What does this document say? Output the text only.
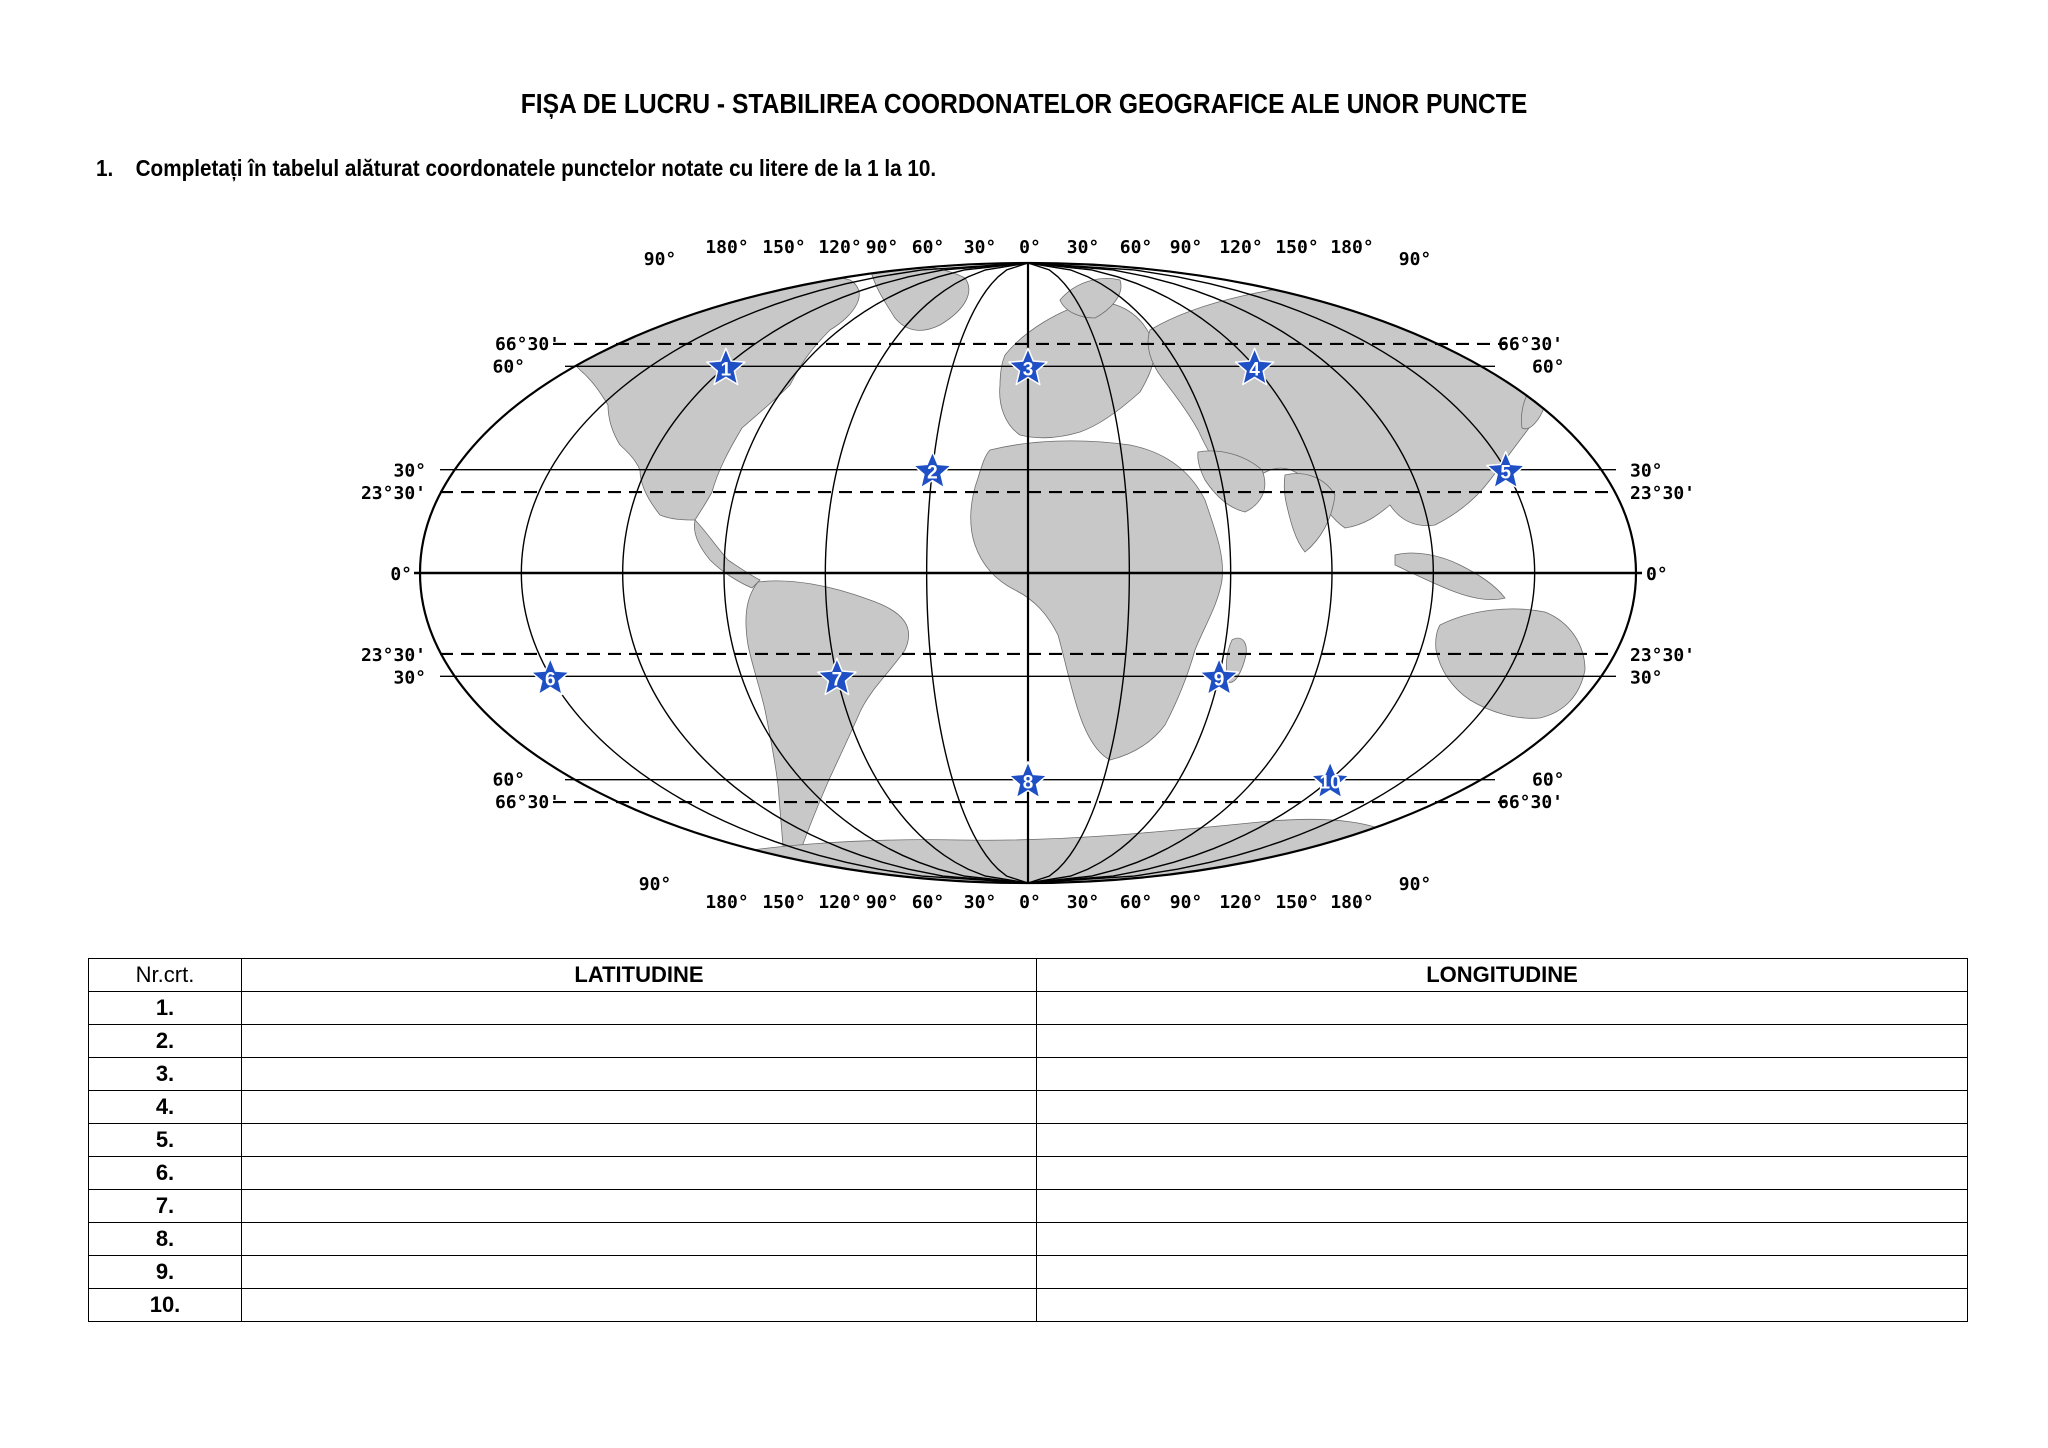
FIȘA DE LUCRU - STABILIREA COORDONATELOR GEOGRAFICE ALE UNOR PUNCTE
1. Completați în tabelul alăturat coordonatele punctelor notate cu litere de la 1 la 10.
180°
180°
150°
150°
120°
120°
90°
90°
60°
60°
30°
30°
0°
0°
30°
30°
60°
60°
90°
90°
120°
120°
150°
150°
180°
180°
90°	90°
90°	90°
66°30'
60°
30°
23°30'
0°
23°30'
30°
60°
66°30'
66°30'
60°
30°
23°30'
0°
23°30'
30°
60°
66°30'
1
2
3	4
5
6	7
8
9
10
Nr.crt.	LATITUDINE	LONGITUDINE
1.		
2.		
3.		
4.		
5.		
6.		
7.		
8.		
9.		
10.		
